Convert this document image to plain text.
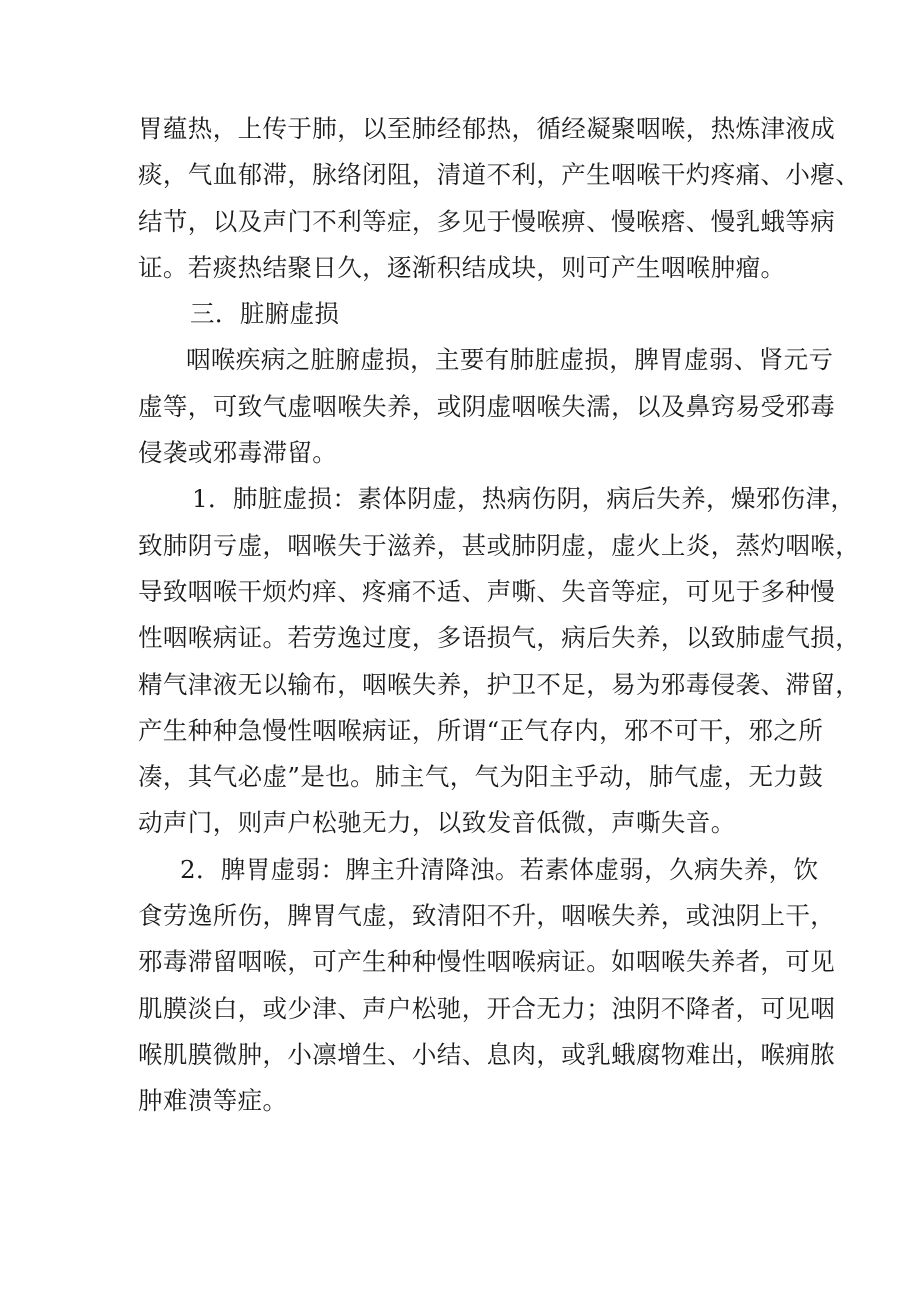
胃蕴热，上传于肺，以至肺经郁热，循经凝聚咽喉，热炼津液成
痰，气血郁滞，脉络闭阻，清道不利，产生咽喉干灼疼痛、小瘪、
结节，以及声门不利等症，多见于慢喉痹、慢喉瘩、慢乳蛾等病
证。若痰热结聚日久，逐渐积结成块，则可产生咽喉肿瘤。
三．脏腑虚损
咽喉疾病之脏腑虚损，主要有肺脏虚损，脾胃虚弱、肾元亏
虚等，可致气虚咽喉失养，或阴虚咽喉失濡，以及鼻窍易受邪毒
侵袭或邪毒滞留。
1．肺脏虚损：素体阴虚，热病伤阴，病后失养，燥邪伤津，
致肺阴亏虚，咽喉失于滋养，甚或肺阴虚，虚火上炎，蒸灼咽喉，
导致咽喉干烦灼痒、疼痛不适、声嘶、失音等症，可见于多种慢
性咽喉病证。若劳逸过度，多语损气，病后失养，以致肺虚气损，
精气津液无以输布，咽喉失养，护卫不足，易为邪毒侵袭、滞留，
产生种种急慢性咽喉病证，所谓“正气存内，邪不可干，邪之所
凑，其气必虚”是也。肺主气，气为阳主乎动，肺气虚，无力鼓
动声门，则声户松驰无力，以致发音低微，声嘶失音。
2．脾胃虚弱：脾主升清降浊。若素体虚弱，久病失养，饮
食劳逸所伤，脾胃气虚，致清阳不升，咽喉失养，或浊阴上干，
邪毒滞留咽喉，可产生种种慢性咽喉病证。如咽喉失养者，可见
肌膜淡白，或少津、声户松驰，开合无力；浊阴不降者，可见咽
喉肌膜微肿，小凛增生、小结、息肉，或乳蛾腐物难出，喉痈脓
肿难溃等症。
